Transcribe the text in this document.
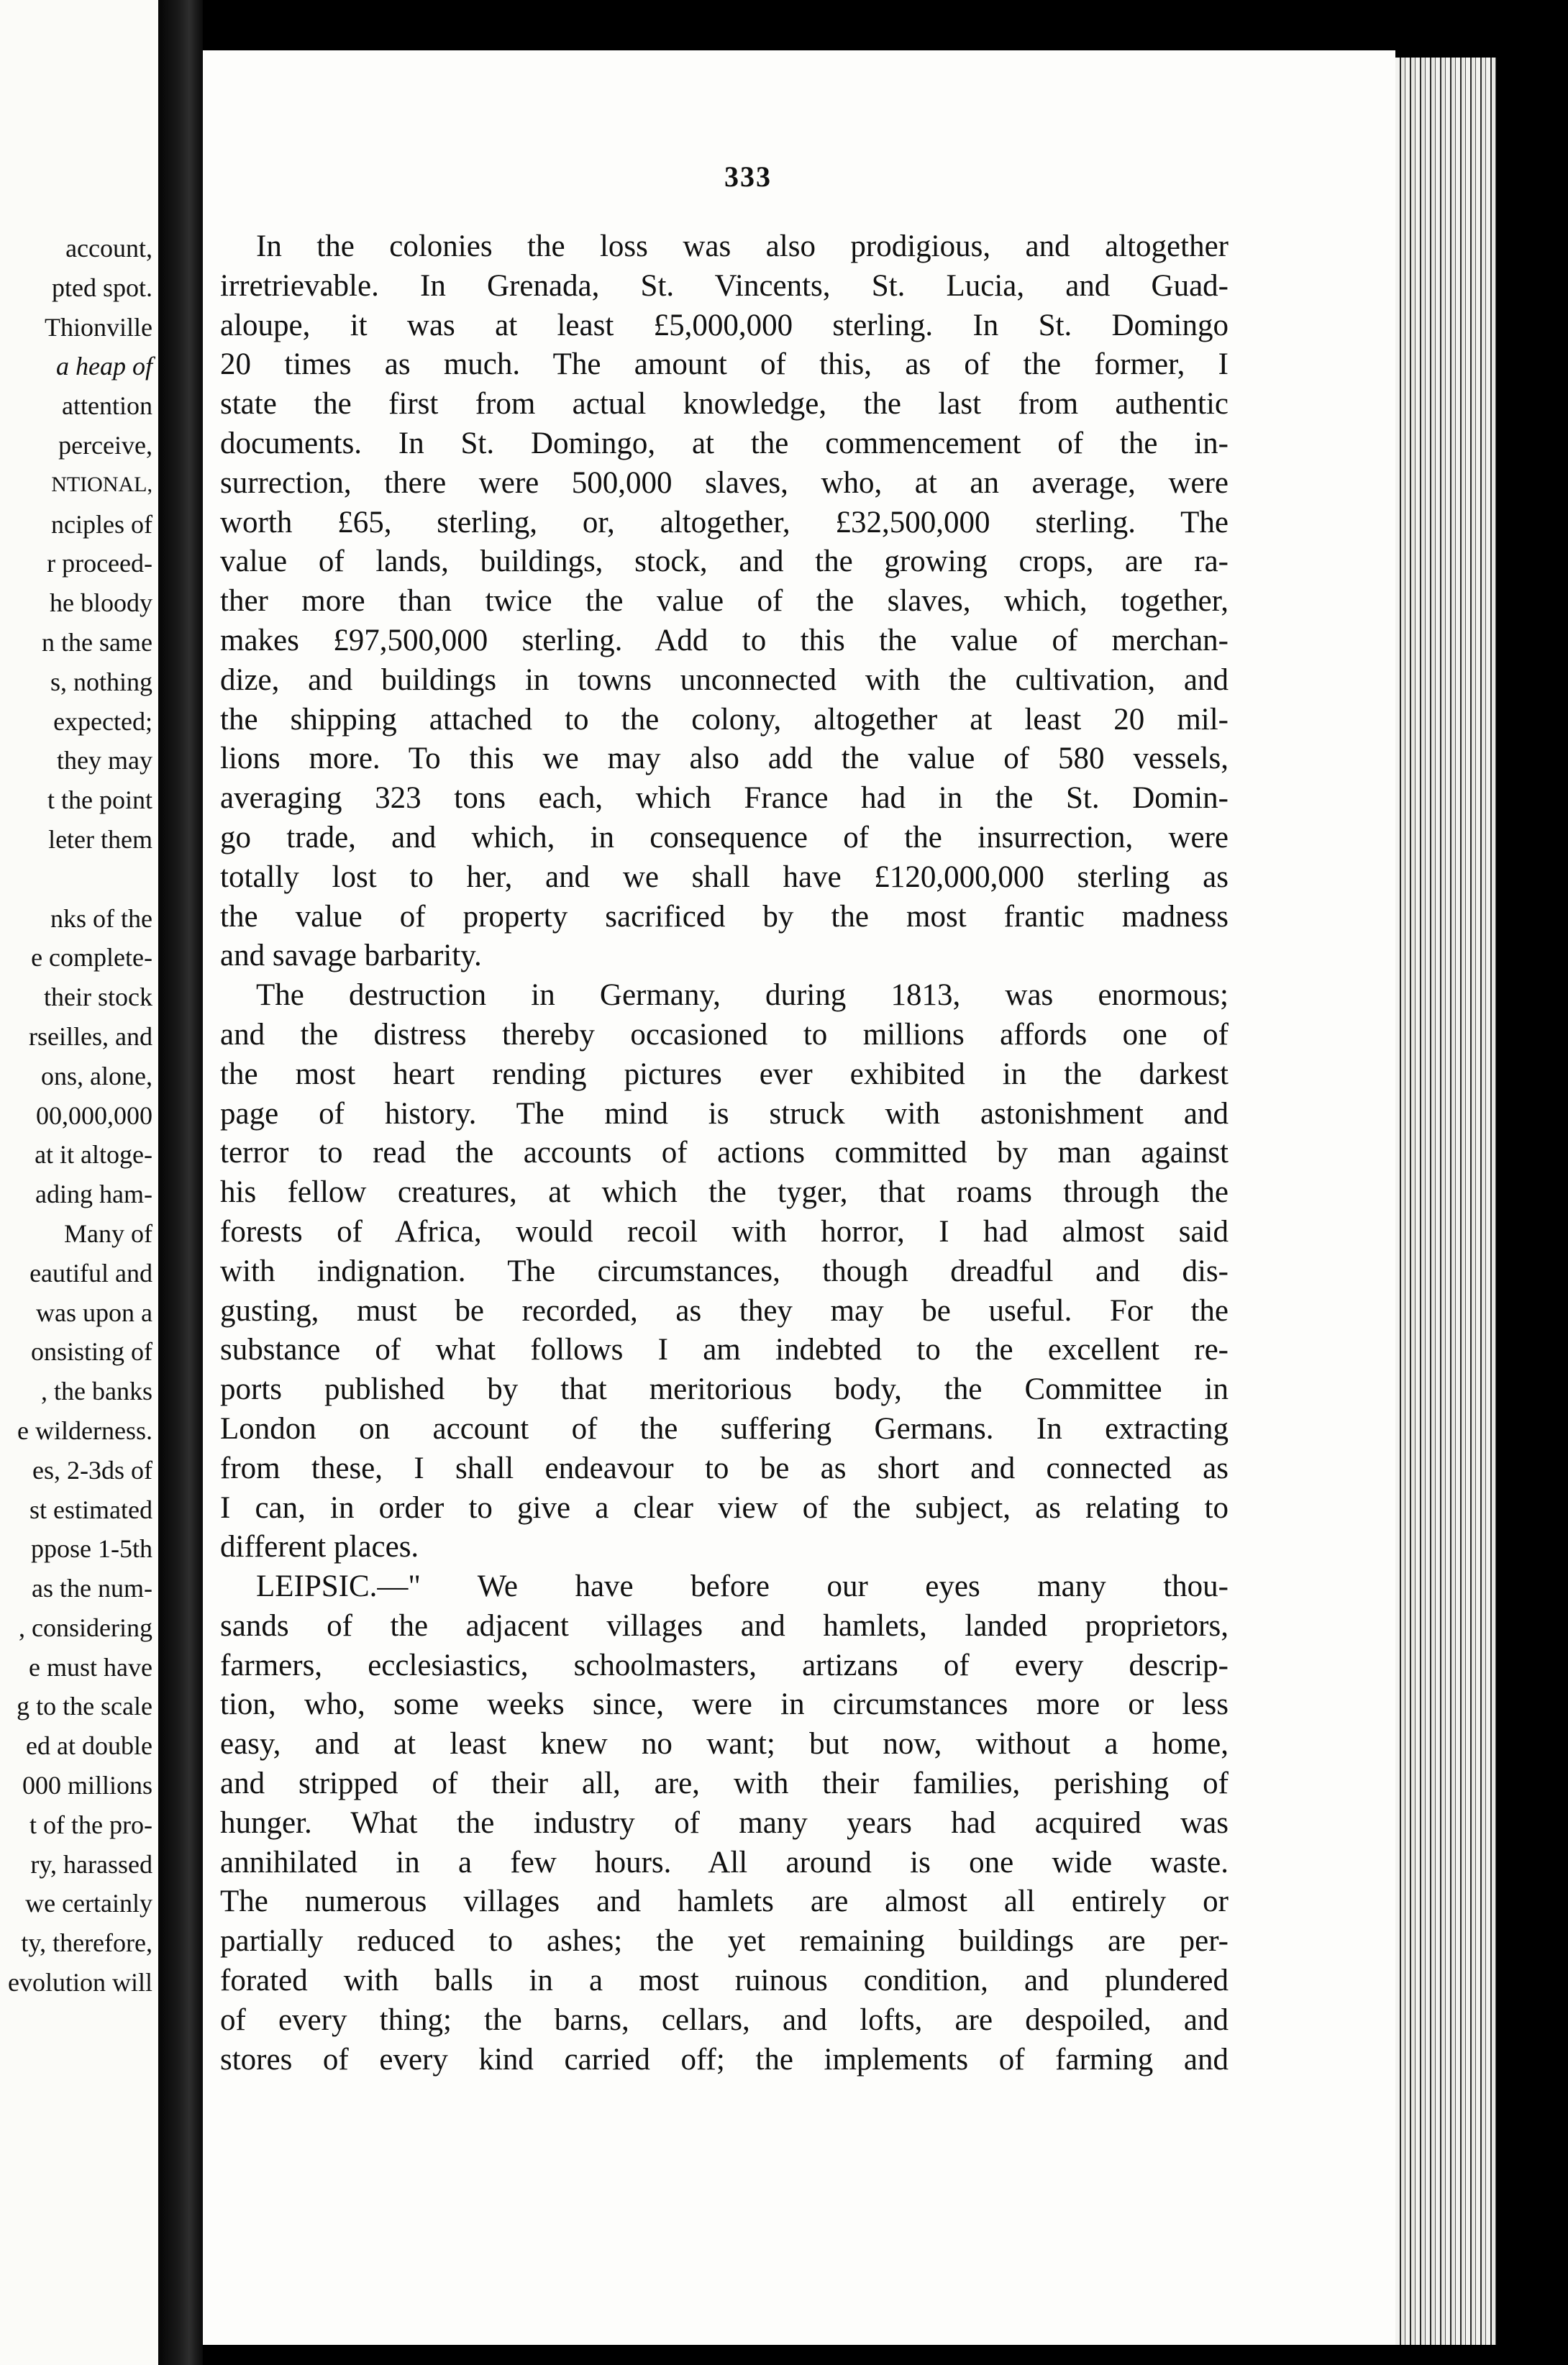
account,
pted spot.
Thionville
a heap of
attention
perceive,
NTIONAL,
nciples of
r proceed-
he bloody
n the same
s, nothing
expected;
they may
t the point
leter them
nks of the
e complete-
their stock
rseilles, and
ons, alone,
00,000,000
at it altoge-
ading ham-
Many of
eautiful and
was upon a
onsisting of
, the banks
e wilderness.
es, 2-3ds of
st estimated
ppose 1-5th
as the num-
, considering
e must have
g to the scale
ed at double
000 millions
t of the pro-
ry, harassed
we certainly
ty, therefore,
evolution will
333
In the colonies the loss was also prodigious, and altogether
irretrievable. In Grenada, St. Vincents, St. Lucia, and Guad-
aloupe, it was at least £5,000,000 sterling. In St. Domingo
20 times as much. The amount of this, as of the former, I
state the first from actual knowledge, the last from authentic
documents. In St. Domingo, at the commencement of the in-
surrection, there were 500,000 slaves, who, at an average, were
worth £65, sterling, or, altogether, £32,500,000 sterling. The
value of lands, buildings, stock, and the growing crops, are ra-
ther more than twice the value of the slaves, which, together,
makes £97,500,000 sterling. Add to this the value of merchan-
dize, and buildings in towns unconnected with the cultivation, and
the shipping attached to the colony, altogether at least 20 mil-
lions more. To this we may also add the value of 580 vessels,
averaging 323 tons each, which France had in the St. Domin-
go trade, and which, in consequence of the insurrection, were
totally lost to her, and we shall have £120,000,000 sterling as
the value of property sacrificed by the most frantic madness
and savage barbarity.
The destruction in Germany, during 1813, was enormous;
and the distress thereby occasioned to millions affords one of
the most heart rending pictures ever exhibited in the darkest
page of history. The mind is struck with astonishment and
terror to read the accounts of actions committed by man against
his fellow creatures, at which the tyger, that roams through the
forests of Africa, would recoil with horror, I had almost said
with indignation. The circumstances, though dreadful and dis-
gusting, must be recorded, as they may be useful. For the
substance of what follows I am indebted to the excellent re-
ports published by that meritorious body, the Committee in
London on account of the suffering Germans. In extracting
from these, I shall endeavour to be as short and connected as
I can, in order to give a clear view of the subject, as relating to
different places.
LEIPSIC.—" We have before our eyes many thou-
sands of the adjacent villages and hamlets, landed proprietors,
farmers, ecclesiastics, schoolmasters, artizans of every descrip-
tion, who, some weeks since, were in circumstances more or less
easy, and at least knew no want; but now, without a home,
and stripped of their all, are, with their families, perishing of
hunger. What the industry of many years had acquired was
annihilated in a few hours. All around is one wide waste.
The numerous villages and hamlets are almost all entirely or
partially reduced to ashes; the yet remaining buildings are per-
forated with balls in a most ruinous condition, and plundered
of every thing; the barns, cellars, and lofts, are despoiled, and
stores of every kind carried off; the implements of farming and
